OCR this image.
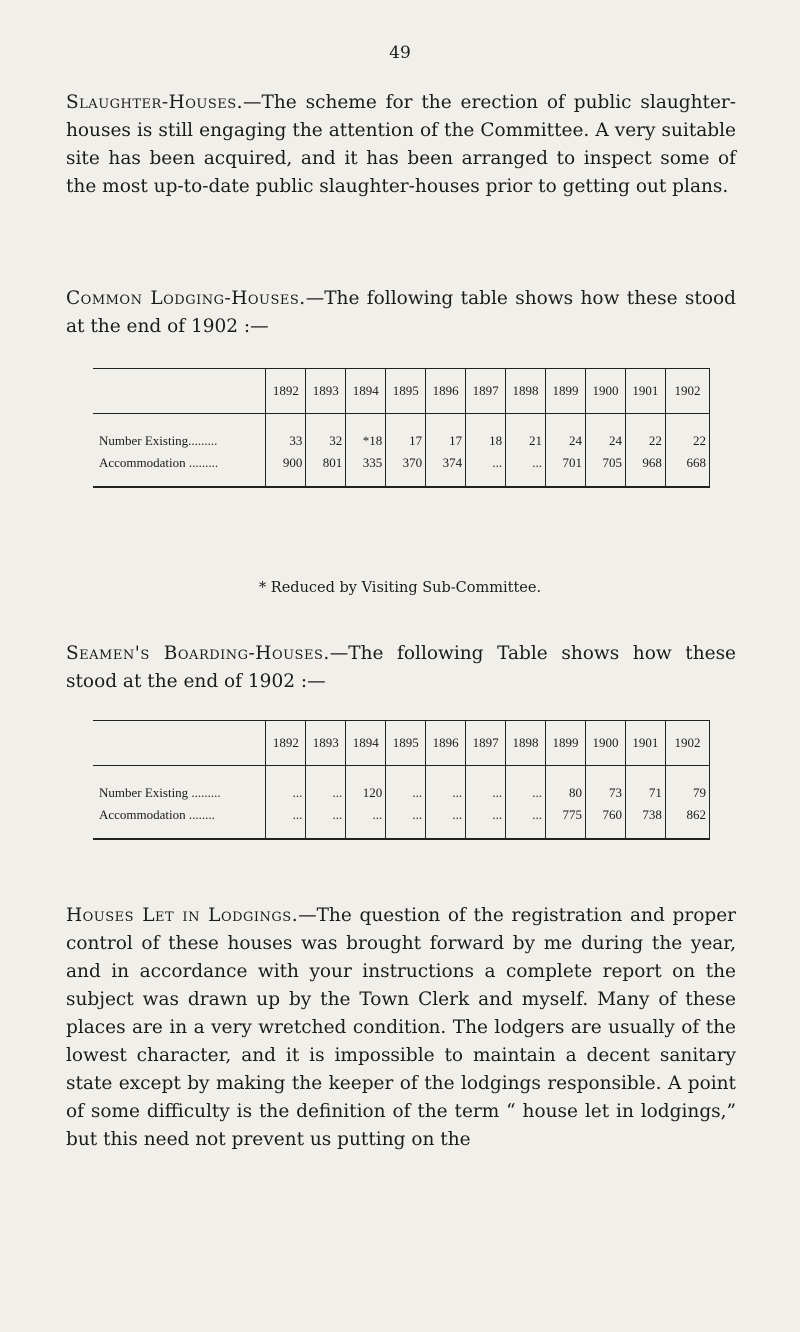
49

Slaughter-Houses.—The scheme for the erection of public slaughter-houses is still engaging the attention of the Committee. A very suitable site has been acquired, and it has been arranged to inspect some of the most up-to-date public slaughter-houses prior to getting out plans.

Common Lodging-Houses.—The following table shows how these stood at the end of 1902 :—

	1892	1893	1894	1895	1896	1897	1898	1899	1900	1901	1902

Number Existing.........	33	32	*18	17	17	18	21	24	24	22	22
Accommodation .........	900	801	335	370	374	...	...	701	705	968	668

* Reduced by Visiting Sub-Committee.

Seamen's Boarding-Houses.—The following Table shows how these stood at the end of 1902 :—

	1892	1893	1894	1895	1896	1897	1898	1899	1900	1901	1902

Number Existing .........	...	...	120	...	...	...	...	80	73	71	79
Accommodation ........	...	...	...	...	...	...	...	775	760	738	862

Houses Let in Lodgings.—The question of the registration and proper control of these houses was brought forward by me during the year, and in accordance with your instructions a complete report on the subject was drawn up by the Town Clerk and myself. Many of these places are in a very wretched condition. The lodgers are usually of the lowest character, and it is impossible to maintain a decent sanitary state except by making the keeper of the lodgings responsible. A point of some difficulty is the definition of the term “ house let in lodgings,” but this need not prevent us putting on the
